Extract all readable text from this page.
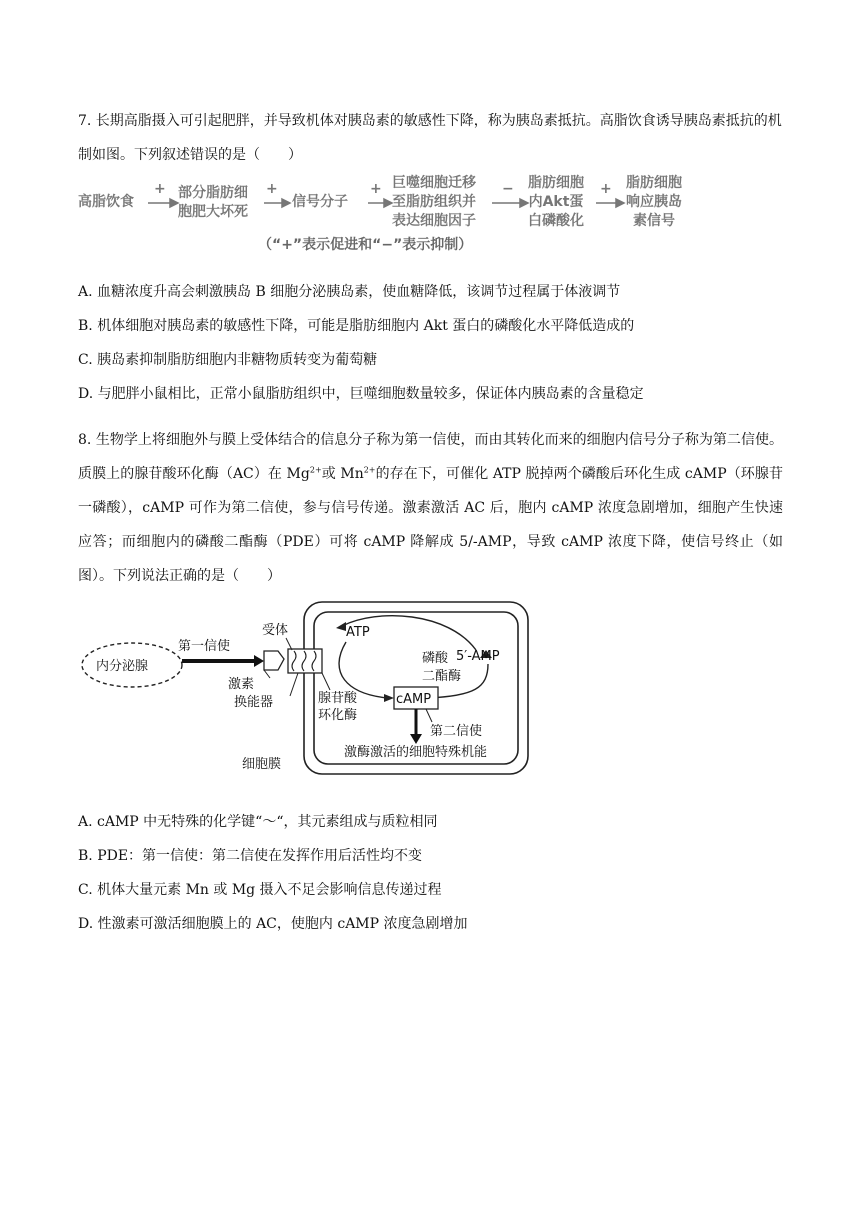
7. 长期高脂摄入可引起肥胖，并导致机体对胰岛素的敏感性下降，称为胰岛素抵抗。高脂饮食诱导胰岛素抵抗的机制如图。下列叙述错误的是（　　）
高脂饮食
+ 部分脂肪细
胞肥大坏死
+
信号分子
+ 巨噬细胞迁移
至脂肪组织并
表达细胞因子
− 脂肪细胞
内Akt蛋
白磷酸化
+ 脂肪细胞
响应胰岛
素信号
（“+”表示促进和“−”表示抑制）
A. 血糖浓度升高会刺激胰岛 B 细胞分泌胰岛素，使血糖降低，该调节过程属于体液调节
B. 机体细胞对胰岛素的敏感性下降，可能是脂肪细胞内 Akt 蛋白的磷酸化水平降低造成的
C. 胰岛素抑制脂肪细胞内非糖物质转变为葡萄糖
D. 与肥胖小鼠相比，正常小鼠脂肪组织中，巨噬细胞数量较多，保证体内胰岛素的含量稳定
8. 生物学上将细胞外与膜上受体结合的信息分子称为第一信使，而由其转化而来的细胞内信号分子称为第二信使。质膜上的腺苷酸环化酶（AC）在 $Mg^{2+}$或 $Mn^{2+}$的存在下，可催化 ATP 脱掉两个磷酸后环化生成 cAMP（环腺苷一磷酸），cAMP 可作为第二信使，参与信号传递。激素激活 AC 后，胞内 cAMP 浓度急剧增加，细胞产生快速应答；而细胞内的磷酸二酯酶（PDE）可将 cAMP 降解成 5/-AMP，导致 cAMP 浓度下降，使信号终止（如图）。下列说法正确的是（　　）
内分泌腺
第一信使
受体
激素
换能器	腺苷酸
环化酶
ATP
5′-AMP
磷酸
二酯酶
cAMP
第二信使
激酶激活的细胞特殊机能
细胞膜
A. cAMP 中无特殊的化学键“～“，其元素组成与质粒相同
B. PDE：第一信使：第二信使在发挥作用后活性均不变
C. 机体大量元素 Mn 或 Mg 摄入不足会影响信息传递过程
D. 性激素可激活细胞膜上的 AC，使胞内 cAMP 浓度急剧增加
